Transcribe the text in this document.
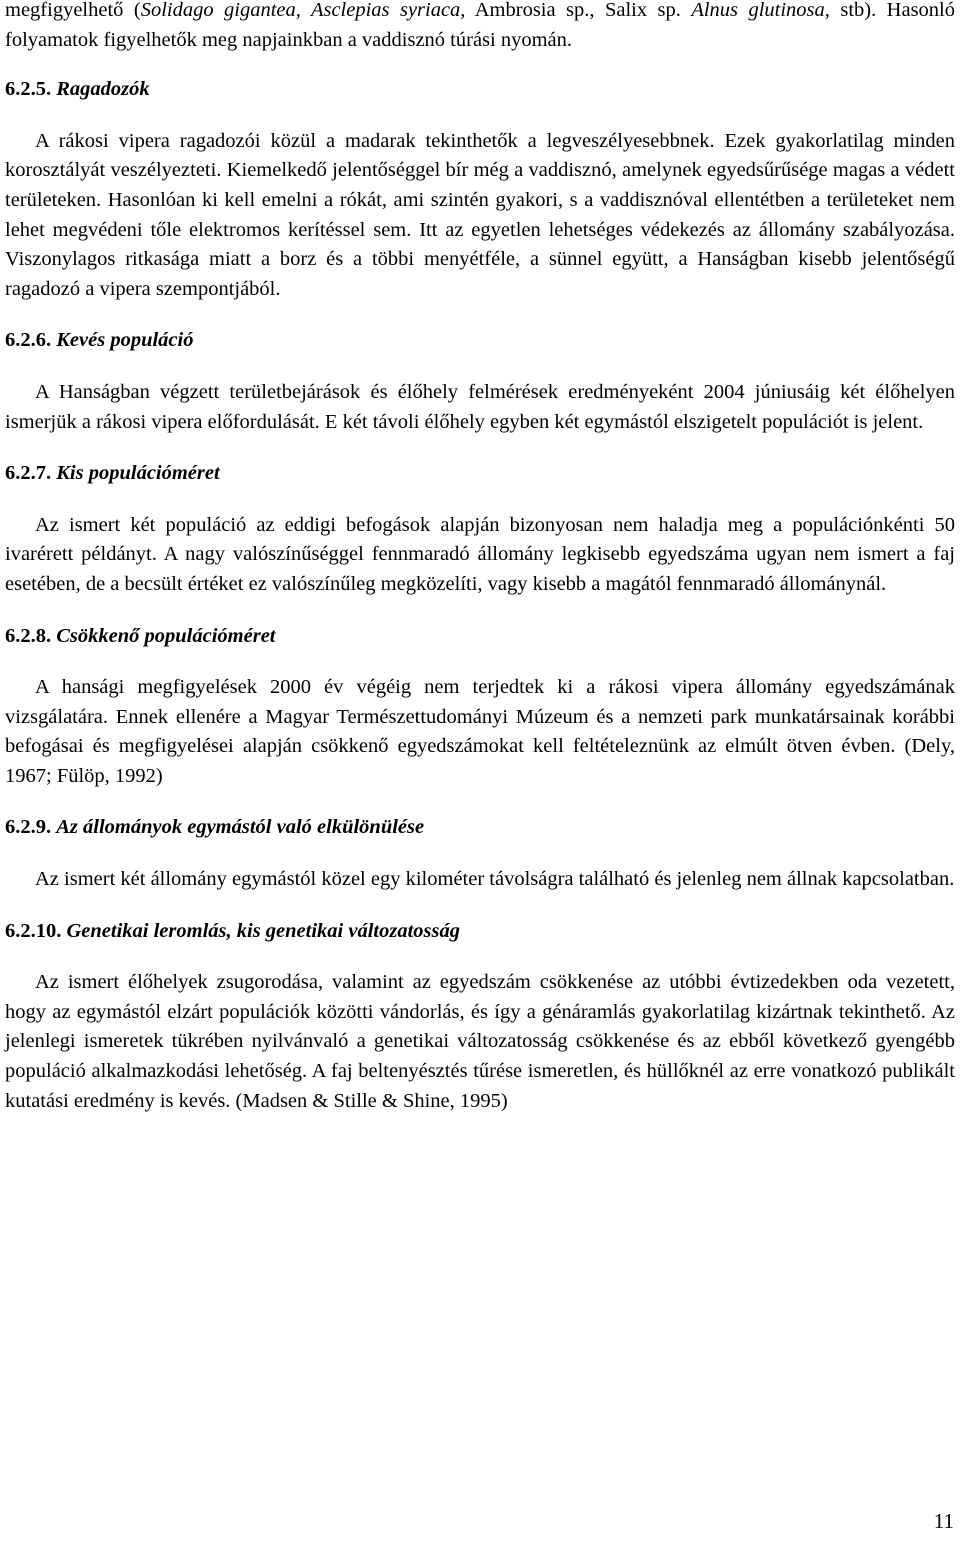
megfigyelhető (Solidago gigantea, Asclepias syriaca, Ambrosia sp., Salix sp. Alnus glutinosa, stb). Hasonló folyamatok figyelhetők meg napjainkban a vaddisznó túrási nyomán.

6.2.5. Ragadozók

A rákosi vipera ragadozói közül a madarak tekinthetők a legveszélyesebbnek. Ezek gyakorlatilag minden korosztályát veszélyezteti. Kiemelkedő jelentőséggel bír még a vaddisznó, amelynek egyedsűrűsége magas a védett területeken. Hasonlóan ki kell emelni a rókát, ami szintén gyakori, s a vaddisznóval ellentétben a területeket nem lehet megvédeni tőle elektromos kerítéssel sem. Itt az egyetlen lehetséges védekezés az állomány szabályozása. Viszonylagos ritkasága miatt a borz és a többi menyétféle, a sünnel együtt, a Hanságban kisebb jelentőségű ragadozó a vipera szempontjából.

6.2.6. Kevés populáció

A Hanságban végzett területbejárások és élőhely felmérések eredményeként 2004 júniusáig két élőhelyen ismerjük a rákosi vipera előfordulását. E két távoli élőhely egyben két egymástól elszigetelt populációt is jelent.

6.2.7. Kis populációméret

Az ismert két populáció az eddigi befogások alapján bizonyosan nem haladja meg a populációnkénti 50 ivarérett példányt. A nagy valószínűséggel fennmaradó állomány legkisebb egyedszáma ugyan nem ismert a faj esetében, de a becsült értéket ez valószínűleg megközelíti, vagy kisebb a magától fennmaradó állománynál.

6.2.8. Csökkenő populációméret

A hansági megfigyelések 2000 év végéig nem terjedtek ki a rákosi vipera állomány egyedszámának vizsgálatára. Ennek ellenére a Magyar Természettudományi Múzeum és a nemzeti park munkatársainak korábbi befogásai és megfigyelései alapján csökkenő egyedszámokat kell feltételeznünk az elmúlt ötven évben. (Dely, 1967; Fülöp, 1992)

6.2.9. Az állományok egymástól való elkülönülése

Az ismert két állomány egymástól közel egy kilométer távolságra található és jelenleg nem állnak kapcsolatban.

6.2.10. Genetikai leromlás, kis genetikai változatosság

Az ismert élőhelyek zsugorodása, valamint az egyedszám csökkenése az utóbbi évtizedekben oda vezetett, hogy az egymástól elzárt populációk közötti vándorlás, és így a génáramlás gyakorlatilag kizártnak tekinthető. Az jelenlegi ismeretek tükrében nyilvánvaló a genetikai változatosság csökkenése és az ebből következő gyengébb populáció alkalmazkodási lehetőség. A faj beltenyésztés tűrése ismeretlen, és hüllőknél az erre vonatkozó publikált kutatási eredmény is kevés. (Madsen & Stille & Shine, 1995)

11
